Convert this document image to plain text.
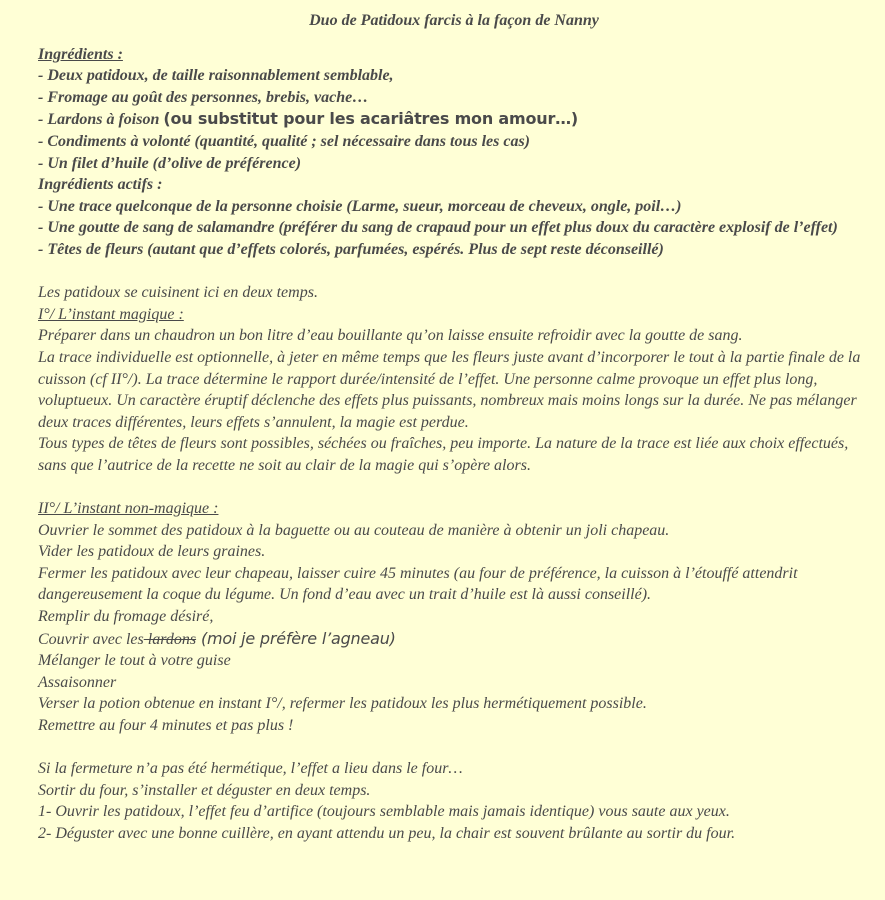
Duo de Patidoux farcis à la façon de Nanny

Ingrédients :

- Deux patidoux, de taille raisonnablement semblable,

- Fromage au goût des personnes, brebis, vache…

- Lardons à foison (ou substitut pour les acariâtres mon amour…)

- Condiments à volonté (quantité, qualité ; sel nécessaire dans tous les cas)

- Un filet d’huile (d’olive de préférence)

Ingrédients actifs :

- Une trace quelconque de la personne choisie (Larme, sueur, morceau de cheveux, ongle, poil…)

- Une goutte de sang de salamandre (préférer du sang de crapaud pour un effet plus doux du caractère explosif de l’effet)

- Têtes de fleurs (autant que d’effets colorés, parfumées, espérés. Plus de sept reste déconseillé)

Les patidoux se cuisinent ici en deux temps.

I°/ L’instant magique :

Préparer dans un chaudron un bon litre d’eau bouillante qu’on laisse ensuite refroidir avec la goutte de sang.

La trace individuelle est optionnelle, à jeter en même temps que les fleurs juste avant d’incorporer le tout à la partie finale de la cuisson (cf II°/). La trace détermine le rapport durée/intensité de l’effet. Une personne calme provoque un effet plus long, voluptueux. Un caractère éruptif déclenche des effets plus puissants, nombreux mais moins longs sur la durée. Ne pas mélanger deux traces différentes, leurs effets s’annulent, la magie est perdue.

Tous types de têtes de fleurs sont possibles, séchées ou fraîches, peu importe. La nature de la trace est liée aux choix effectués, sans que l’autrice de la recette ne soit au clair de la magie qui s’opère alors.

II°/ L’instant non-magique :

Ouvrier le sommet des patidoux à la baguette ou au couteau de manière à obtenir un joli chapeau.

Vider les patidoux de leurs graines.

Fermer les patidoux avec leur chapeau, laisser cuire 45 minutes (au four de préférence, la cuisson à l’étouffé attendrit dangereusement la coque du légume. Un fond d’eau avec un trait d’huile est là aussi conseillé).

Remplir du fromage désiré,

Couvrir avec les lardons (moi je préfère l’agneau)

Mélanger le tout à votre guise

Assaisonner

Verser la potion obtenue en instant I°/, refermer les patidoux les plus hermétiquement possible.

Remettre au four 4 minutes et pas plus !

Si la fermeture n’a pas été hermétique, l’effet a lieu dans le four…

Sortir du four, s’installer et déguster en deux temps.

1- Ouvrir les patidoux, l’effet feu d’artifice (toujours semblable mais jamais identique) vous saute aux yeux.

2- Déguster avec une bonne cuillère, en ayant attendu un peu, la chair est souvent brûlante au sortir du four.
